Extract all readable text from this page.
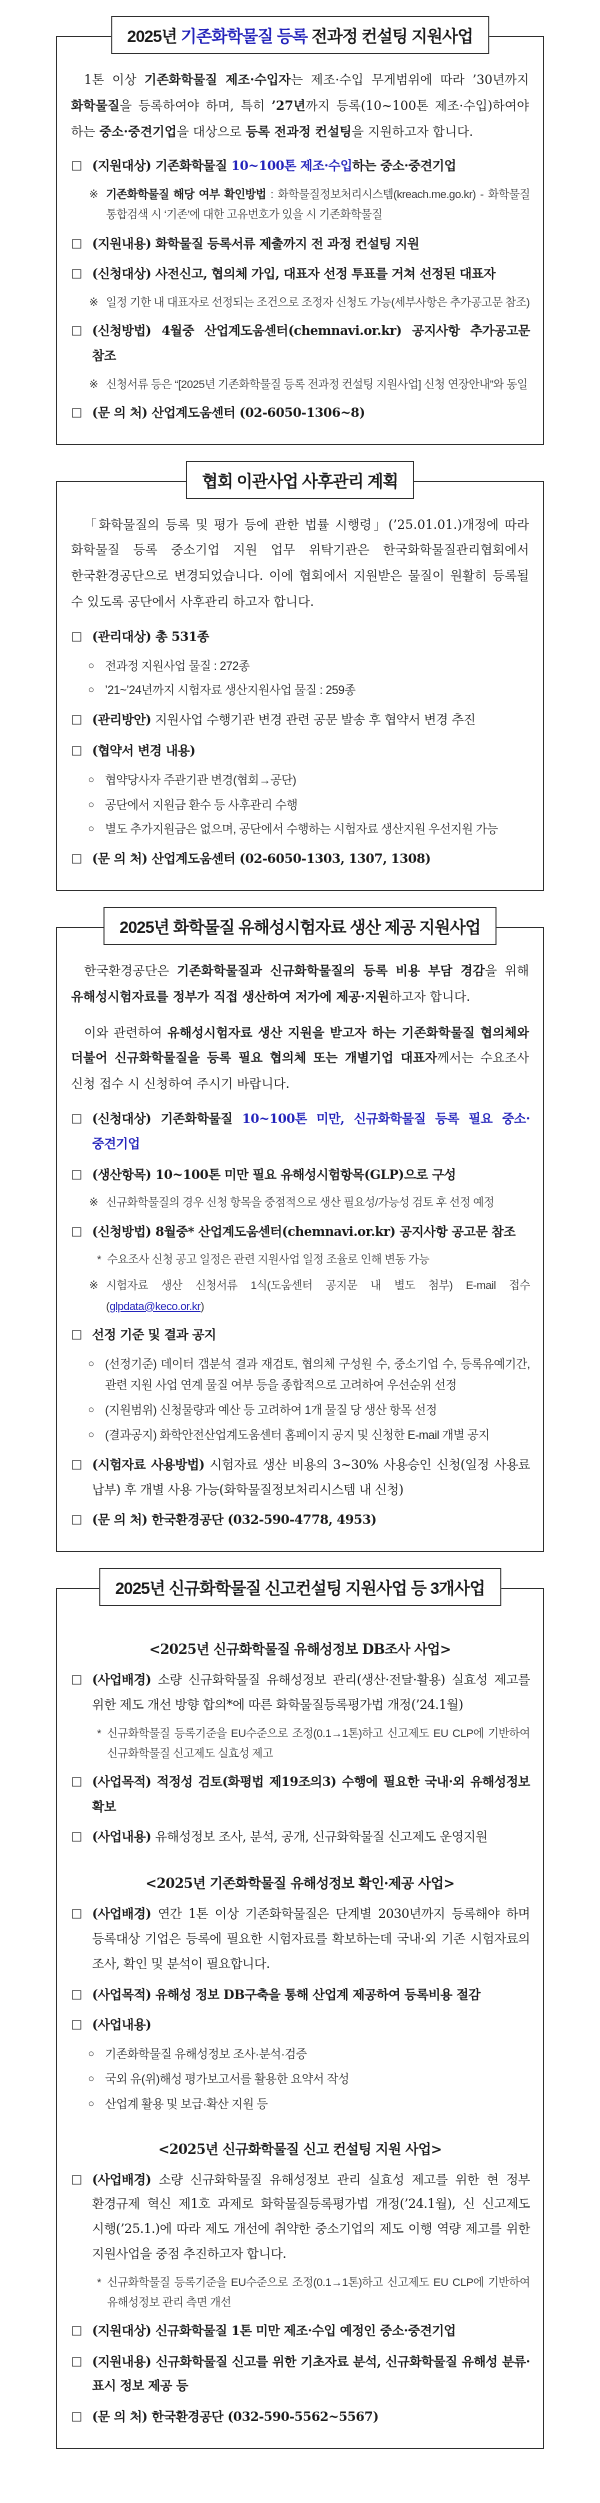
2025년 기존화학물질 등록 전과정 컨설팅 지원사업
1톤 이상 기존화학물질 제조·수입자는 제조·수입 무게범위에 따라 ’30년까지 화학물질을 등록하여야 하며, 특히 ’27년까지 등록(10~100톤 제조·수입)하여야 하는 중소·중견기업을 대상으로 등록 전과정 컨설팅을 지원하고자 합니다.
□ (지원대상) 기존화학물질 10~100톤 제조·수입하는 중소·중견기업
※ 기존화학물질 해당 여부 확인방법 : 화학물질정보처리시스템(kreach.me.go.kr) - 화학물질 통합검색 시 ‘기존’에 대한 고유번호가 있을 시 기존화학물질
□ (지원내용) 화학물질 등록서류 제출까지 전 과정 컨설팅 지원
□ (신청대상) 사전신고, 협의체 가입, 대표자 선정 투표를 거쳐 선정된 대표자
※ 일정 기한 내 대표자로 선정되는 조건으로 조정자 신청도 가능(세부사항은 추가공고문 참조)
□ (신청방법) 4월중 산업계도움센터(chemnavi.or.kr) 공지사항 추가공고문 참조
※ 신청서류 등은 “[2025년 기존화학물질 등록 전과정 컨설팅 지원사업] 신청 연장안내”와 동일
□ (문 의 처) 산업계도움센터 (02-6050-1306~8)
협회 이관사업 사후관리 계획
「화학물질의 등록 및 평가 등에 관한 법률 시행령」(’25.01.01.)개정에 따라 화학물질 등록 중소기업 지원 업무 위탁기관은 한국화학물질관리협회에서 한국환경공단으로 변경되었습니다. 이에 협회에서 지원받은 물질이 원활히 등록될 수 있도록 공단에서 사후관리 하고자 합니다.
□ (관리대상) 총 531종
○ 전과정 지원사업 물질 : 272종
○ ’21~’24년까지 시험자료 생산지원사업 물질 : 259종
□ (관리방안) 지원사업 수행기관 변경 관련 공문 발송 후 협약서 변경 추진
□ (협약서 변경 내용)
○ 협약당사자 주관기관 변경(협회→공단)
○ 공단에서 지원금 환수 등 사후관리 수행
○ 별도 추가지원금은 없으며, 공단에서 수행하는 시험자료 생산지원 우선지원 가능
□ (문 의 처) 산업계도움센터 (02-6050-1303, 1307, 1308)
2025년 화학물질 유해성시험자료 생산 제공 지원사업
한국환경공단은 기존화학물질과 신규화학물질의 등록 비용 부담 경감을 위해 유해성시험자료를 정부가 직접 생산하여 저가에 제공·지원하고자 합니다.
이와 관련하여 유해성시험자료 생산 지원을 받고자 하는 기존화학물질 협의체와 더불어 신규화학물질을 등록 필요 협의체 또는 개별기업 대표자께서는 수요조사 신청 접수 시 신청하여 주시기 바랍니다.
□ (신청대상) 기존화학물질 10~100톤 미만, 신규화학물질 등록 필요 중소·중견기업
□ (생산항목) 10~100톤 미만 필요 유해성시험항목(GLP)으로 구성
※ 신규화학물질의 경우 신청 항목을 중점적으로 생산 필요성/가능성 검토 후 선정 예정
□ (신청방법) 8월중* 산업계도움센터(chemnavi.or.kr) 공지사항 공고문 참조
* 수요조사 신청 공고 일정은 관련 지원사업 일정 조율로 인해 변동 가능
※ 시험자료 생산 신청서류 1식(도움센터 공지문 내 별도 첨부) E-mail 접수(glpdata@keco.or.kr)
□ 선정 기준 및 결과 공지
○ (선정기준) 데이터 갭분석 결과 재검토, 협의체 구성원 수, 중소기업 수, 등록유예기간, 관련 지원 사업 연계 물질 여부 등을 종합적으로 고려하여 우선순위 선정
○ (지원범위) 신청물량과 예산 등 고려하여 1개 물질 당 생산 항목 선정
○ (결과공지) 화학안전산업계도움센터 홈페이지 공지 및 신청한 E-mail 개별 공지
□ (시험자료 사용방법) 시험자료 생산 비용의 3~30% 사용승인 신청(일정 사용료 납부) 후 개별 사용 가능(화학물질정보처리시스템 내 신청)
□ (문 의 처) 한국환경공단 (032-590-4778, 4953)
2025년 신규화학물질 신고컨설팅 지원사업 등 3개사업
<2025년 신규화학물질 유해성정보 DB조사 사업>
□ (사업배경) 소량 신규화학물질 유해성정보 관리(생산·전달·활용) 실효성 제고를 위한 제도 개선 방향 합의*에 따른 화학물질등록평가법 개정(’24.1월)
* 신규화학물질 등록기준을 EU수준으로 조정(0.1→1톤)하고 신고제도 EU CLP에 기반하여 신규화학물질 신고제도 실효성 제고
□ (사업목적) 적정성 검토(화평법 제19조의3) 수행에 필요한 국내·외 유해성정보 확보
□ (사업내용) 유해성정보 조사, 분석, 공개, 신규화학물질 신고제도 운영지원
<2025년 기존화학물질 유해성정보 확인·제공 사업>
□ (사업배경) 연간 1톤 이상 기존화학물질은 단계별 2030년까지 등록해야 하며 등록대상 기업은 등록에 필요한 시험자료를 확보하는데 국내·외 기존 시험자료의 조사, 확인 및 분석이 필요합니다.
□ (사업목적) 유해성 정보 DB구축을 통해 산업계 제공하여 등록비용 절감
□ (사업내용)
○ 기존화학물질 유해성정보 조사·분석·검증
○ 국외 유(위)해성 평가보고서를 활용한 요약서 작성
○ 산업계 활용 및 보급·확산 지원 등
<2025년 신규화학물질 신고 컨설팅 지원 사업>
□ (사업배경) 소량 신규화학물질 유해성정보 관리 실효성 제고를 위한 현 정부 환경규제 혁신 제1호 과제로 화학물질등록평가법 개정(’24.1월), 신 신고제도 시행(’25.1.)에 따라 제도 개선에 취약한 중소기업의 제도 이행 역량 제고를 위한 지원사업을 중점 추진하고자 합니다.
* 신규화학물질 등록기준을 EU수준으로 조정(0.1→1톤)하고 신고제도 EU CLP에 기반하여 유해성정보 관리 측면 개선
□ (지원대상) 신규화학물질 1톤 미만 제조·수입 예정인 중소·중견기업
□ (지원내용) 신규화학물질 신고를 위한 기초자료 분석, 신규화학물질 유해성 분류·표시 정보 제공 등
□ (문 의 처) 한국환경공단 (032-590-5562~5567)
